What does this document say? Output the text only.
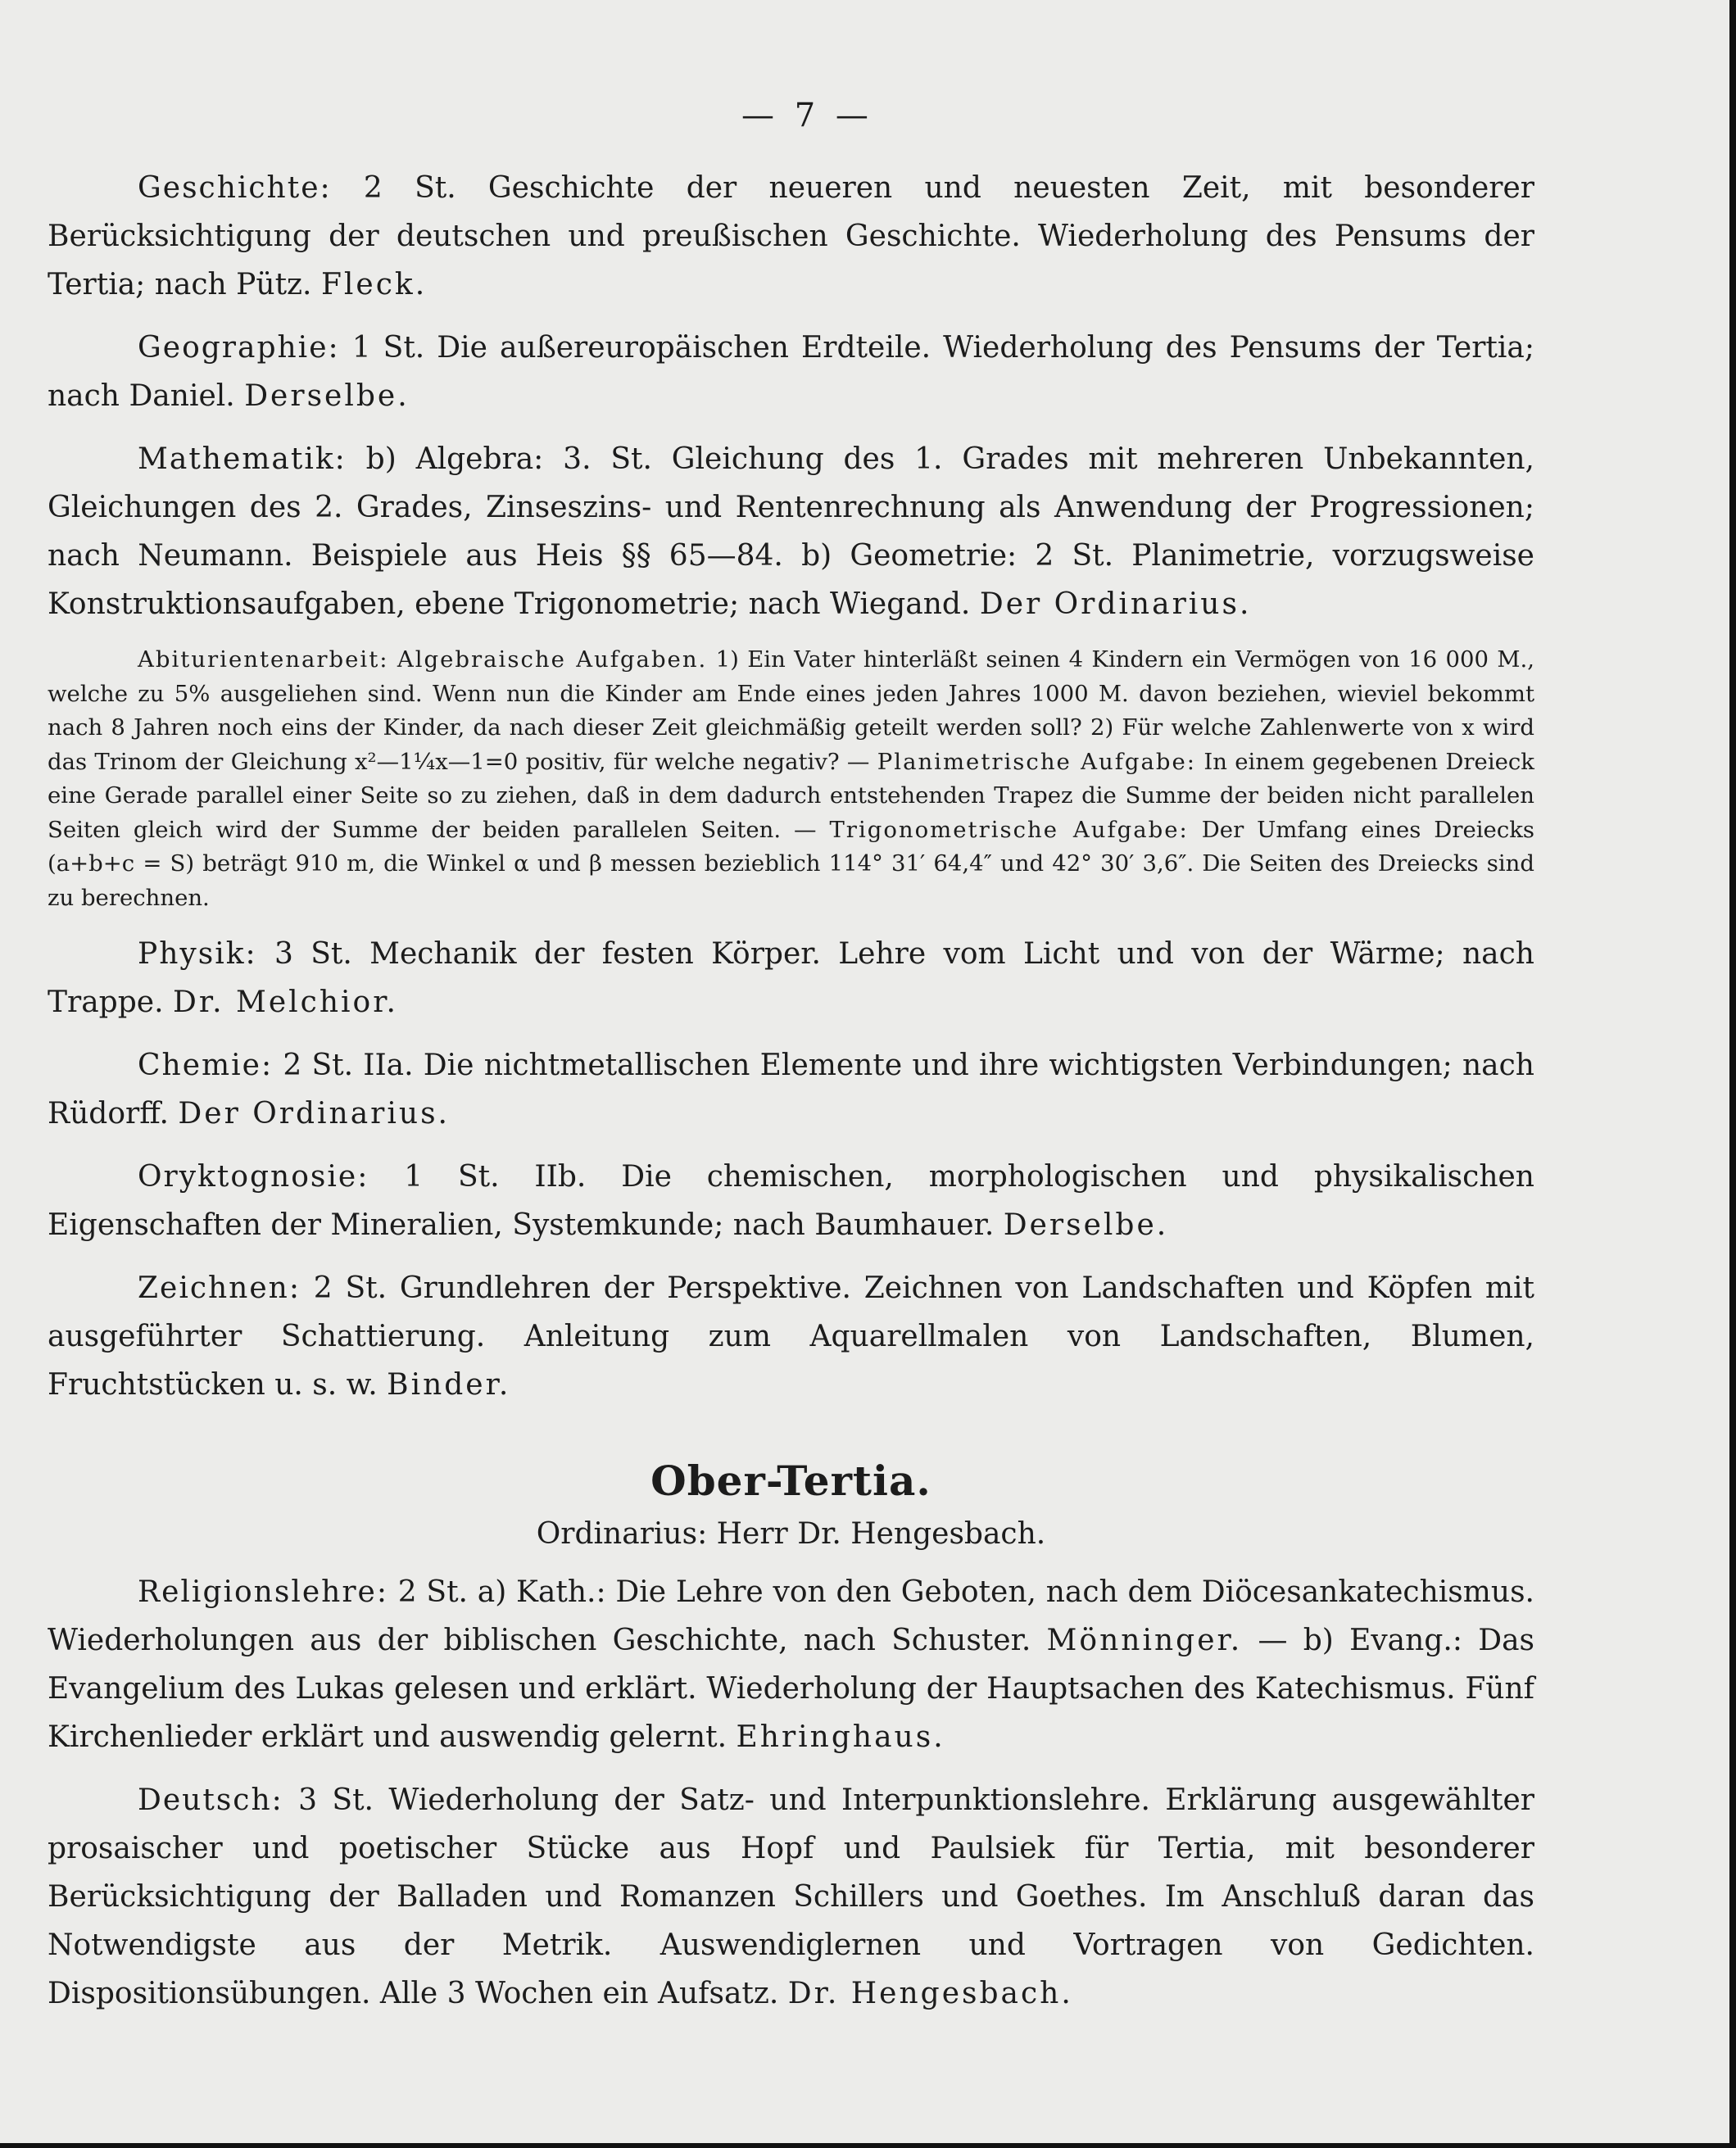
— 7 —

Geschichte: 2 St. Geschichte der neueren und neuesten Zeit, mit besonderer Berücksichtigung der deutschen und preußischen Geschichte. Wiederholung des Pensums der Tertia; nach Pütz. Fleck.

Geographie: 1 St. Die außereuropäischen Erdteile. Wiederholung des Pensums der Tertia; nach Daniel. Derselbe.

Mathematik: b) Algebra: 3. St. Gleichung des 1. Grades mit mehreren Unbekannten, Gleichungen des 2. Grades, Zinseszins- und Rentenrechnung als Anwendung der Progressionen; nach Neumann. Beispiele aus Heis §§ 65—84. b) Geometrie: 2 St. Planimetrie, vorzugsweise Konstruktionsaufgaben, ebene Trigonometrie; nach Wiegand. Der Ordinarius.

Abiturientenarbeit: Algebraische Aufgaben. 1) Ein Vater hinterläßt seinen 4 Kindern ein Vermögen von 16 000 M., welche zu 5% ausgeliehen sind. Wenn nun die Kinder am Ende eines jeden Jahres 1000 M. davon beziehen, wieviel bekommt nach 8 Jahren noch eins der Kinder, da nach dieser Zeit gleichmäßig geteilt werden soll? 2) Für welche Zahlenwerte von x wird das Trinom der Gleichung x²—1¹⁄₄x—1=0 positiv, für welche negativ? — Planimetrische Aufgabe: In einem gegebenen Dreieck eine Gerade parallel einer Seite so zu ziehen, daß in dem dadurch entstehenden Trapez die Summe der beiden nicht parallelen Seiten gleich wird der Summe der beiden parallelen Seiten. — Trigonometrische Aufgabe: Der Umfang eines Dreiecks (a+b+c = S) beträgt 910 m, die Winkel α und β messen bezieblich 114° 31′ 64,4″ und 42° 30′ 3,6″. Die Seiten des Dreiecks sind zu berechnen.

Physik: 3 St. Mechanik der festen Körper. Lehre vom Licht und von der Wärme; nach Trappe. Dr. Melchior.

Chemie: 2 St. IIa. Die nichtmetallischen Elemente und ihre wichtigsten Verbindungen; nach Rüdorff. Der Ordinarius.

Oryktognosie: 1 St. IIb. Die chemischen, morphologischen und physikalischen Eigenschaften der Mineralien, Systemkunde; nach Baumhauer. Derselbe.

Zeichnen: 2 St. Grundlehren der Perspektive. Zeichnen von Landschaften und Köpfen mit ausgeführter Schattierung. Anleitung zum Aquarellmalen von Landschaften, Blumen, Fruchtstücken u. s. w. Binder.

Ober-Tertia.
Ordinarius: Herr Dr. Hengesbach.

Religionslehre: 2 St. a) Kath.: Die Lehre von den Geboten, nach dem Diöcesankatechismus. Wiederholungen aus der biblischen Geschichte, nach Schuster. Mönninger. — b) Evang.: Das Evangelium des Lukas gelesen und erklärt. Wiederholung der Hauptsachen des Katechismus. Fünf Kirchenlieder erklärt und auswendig gelernt. Ehringhaus.

Deutsch: 3 St. Wiederholung der Satz- und Interpunktionslehre. Erklärung ausgewählter prosaischer und poetischer Stücke aus Hopf und Paulsiek für Tertia, mit besonderer Berücksichtigung der Balladen und Romanzen Schillers und Goethes. Im Anschluß daran das Notwendigste aus der Metrik. Auswendiglernen und Vortragen von Gedichten. Dispositionsübungen. Alle 3 Wochen ein Aufsatz. Dr. Hengesbach.
